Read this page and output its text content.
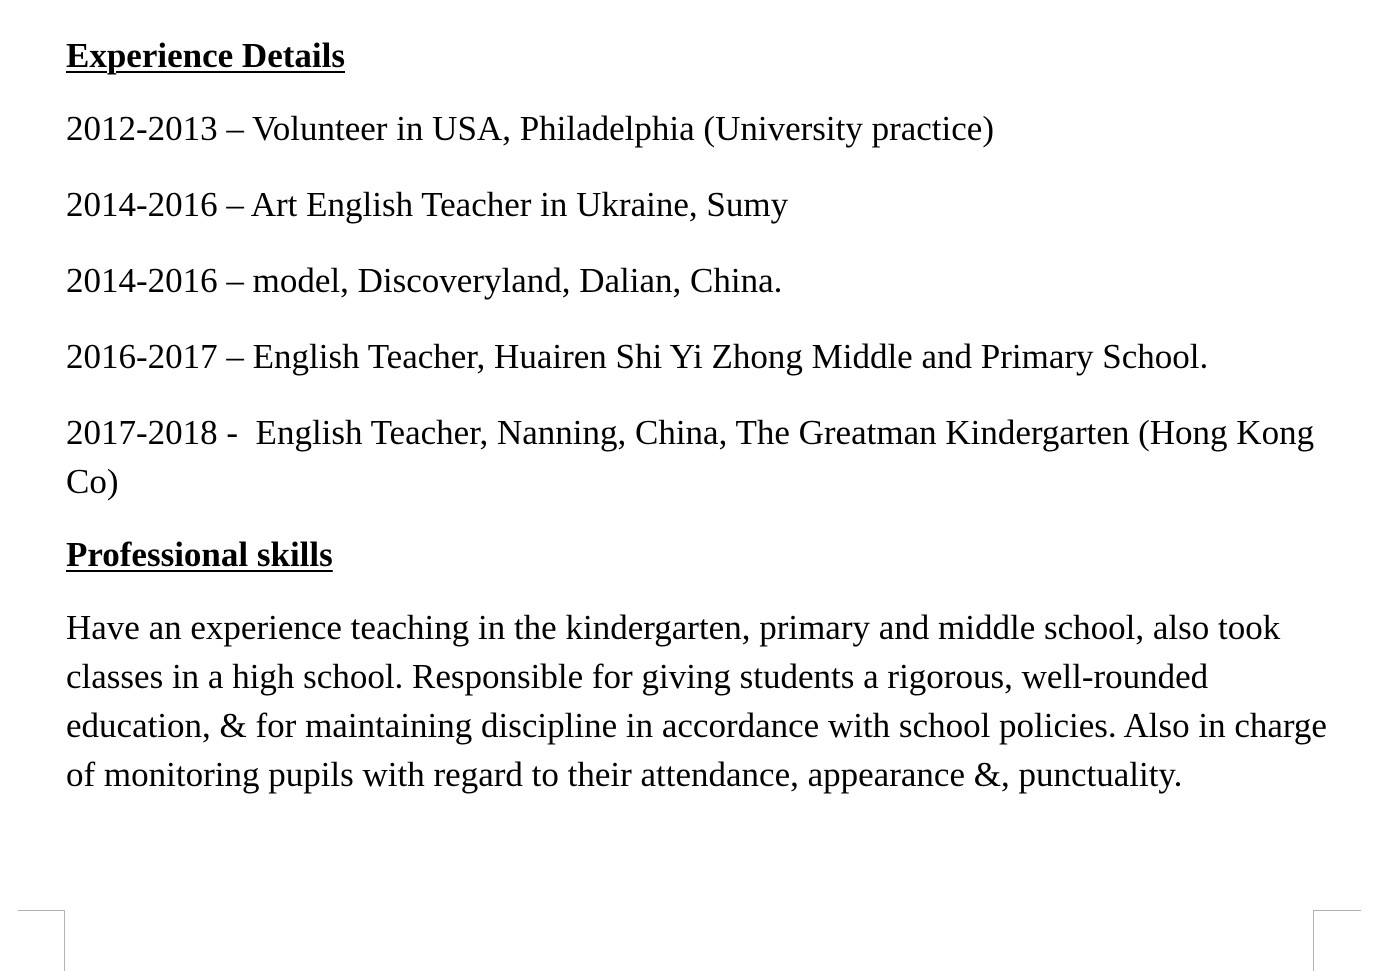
Experience Details
2012-2013 – Volunteer in USA, Philadelphia (University practice)
2014-2016 – Art English Teacher in Ukraine, Sumy
2014-2016 – model, Discoveryland, Dalian, China.
2016-2017 – English Teacher, Huairen Shi Yi Zhong Middle and Primary School.
2017-2018 -  English Teacher, Nanning, China, The Greatman Kindergarten (Hong Kong Co)
Professional skills
Have an experience teaching in the kindergarten, primary and middle school, also took classes in a high school. Responsible for giving students a rigorous, well-rounded education, & for maintaining discipline in accordance with school policies. Also in charge of monitoring pupils with regard to their attendance, appearance &, punctuality.
